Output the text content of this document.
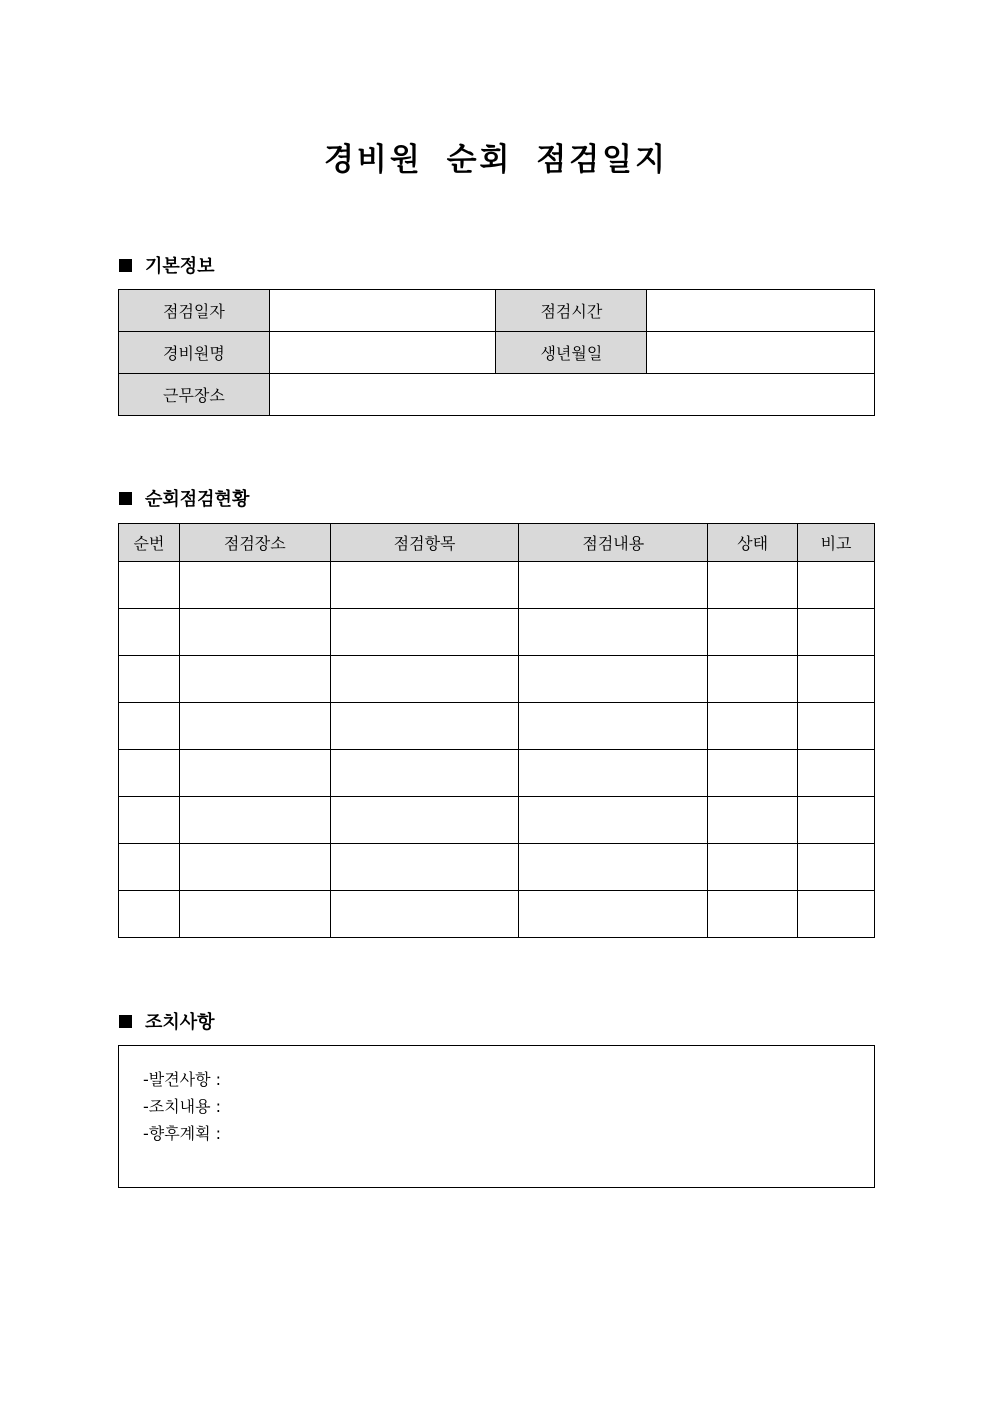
경비원 순회 점검일지
기본정보
점검일자		점검시간	
경비원명		생년월일	
근무장소			
순회점검현황
순번	점검장소	점검항목	점검내용	상태	비고

조치사항
-발견사항 :
-조치내용 :
-향후계획 :
